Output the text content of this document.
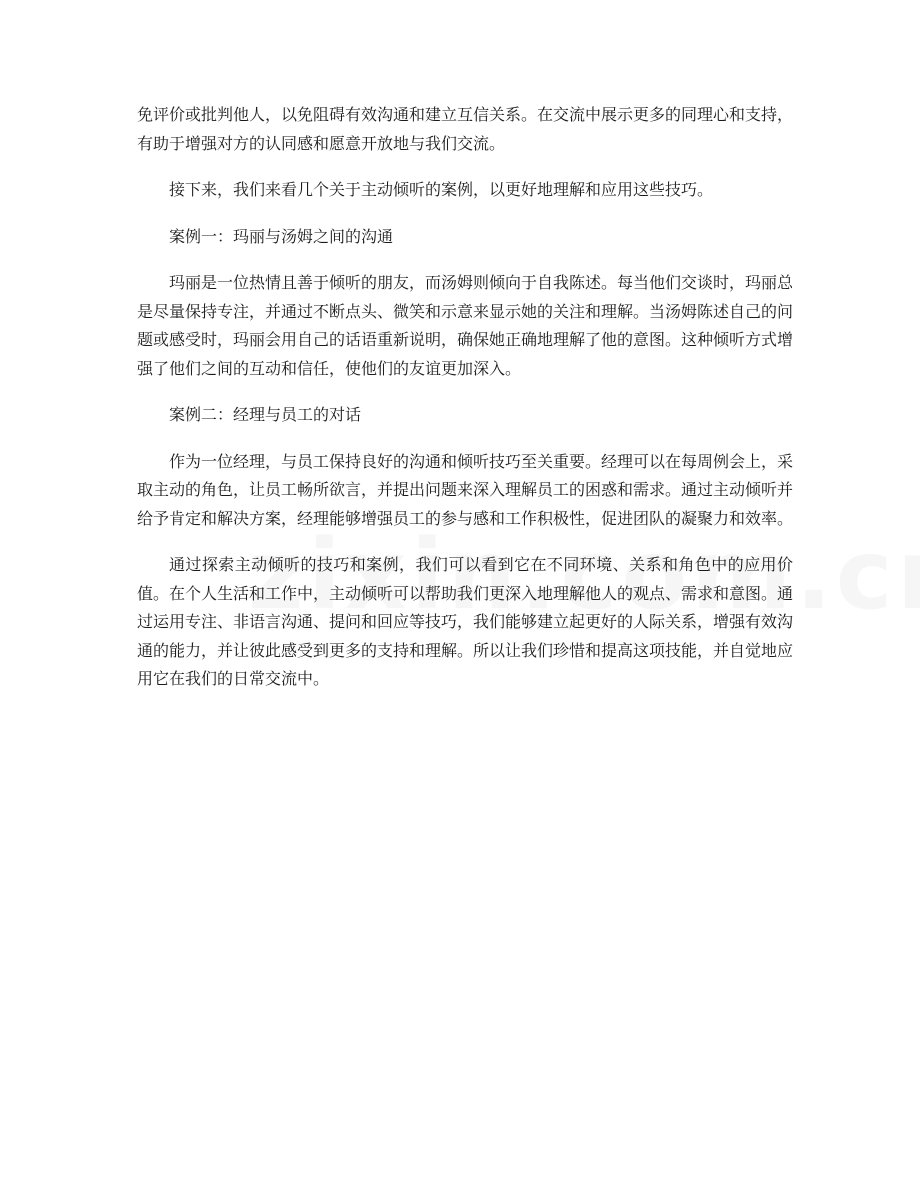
免评价或批判他人，以免阻碍有效沟通和建立互信关系。在交流中展示更多的同理心和支持，有助于增强对方的认同感和愿意开放地与我们交流。

接下来，我们来看几个关于主动倾听的案例，以更好地理解和应用这些技巧。

案例一：玛丽与汤姆之间的沟通

玛丽是一位热情且善于倾听的朋友，而汤姆则倾向于自我陈述。每当他们交谈时，玛丽总是尽量保持专注，并通过不断点头、微笑和示意来显示她的关注和理解。当汤姆陈述自己的问题或感受时，玛丽会用自己的话语重新说明，确保她正确地理解了他的意图。这种倾听方式增强了他们之间的互动和信任，使他们的友谊更加深入。

案例二：经理与员工的对话

作为一位经理，与员工保持良好的沟通和倾听技巧至关重要。经理可以在每周例会上，采取主动的角色，让员工畅所欲言，并提出问题来深入理解员工的困惑和需求。通过主动倾听并给予肯定和解决方案，经理能够增强员工的参与感和工作积极性，促进团队的凝聚力和效率。

通过探索主动倾听的技巧和案例，我们可以看到它在不同环境、关系和角色中的应用价值。在个人生活和工作中，主动倾听可以帮助我们更深入地理解他人的观点、需求和意图。通过运用专注、非语言沟通、提问和回应等技巧，我们能够建立起更好的人际关系，增强有效沟通的能力，并让彼此感受到更多的支持和理解。所以让我们珍惜和提高这项技能，并自觉地应用它在我们的日常交流中。
